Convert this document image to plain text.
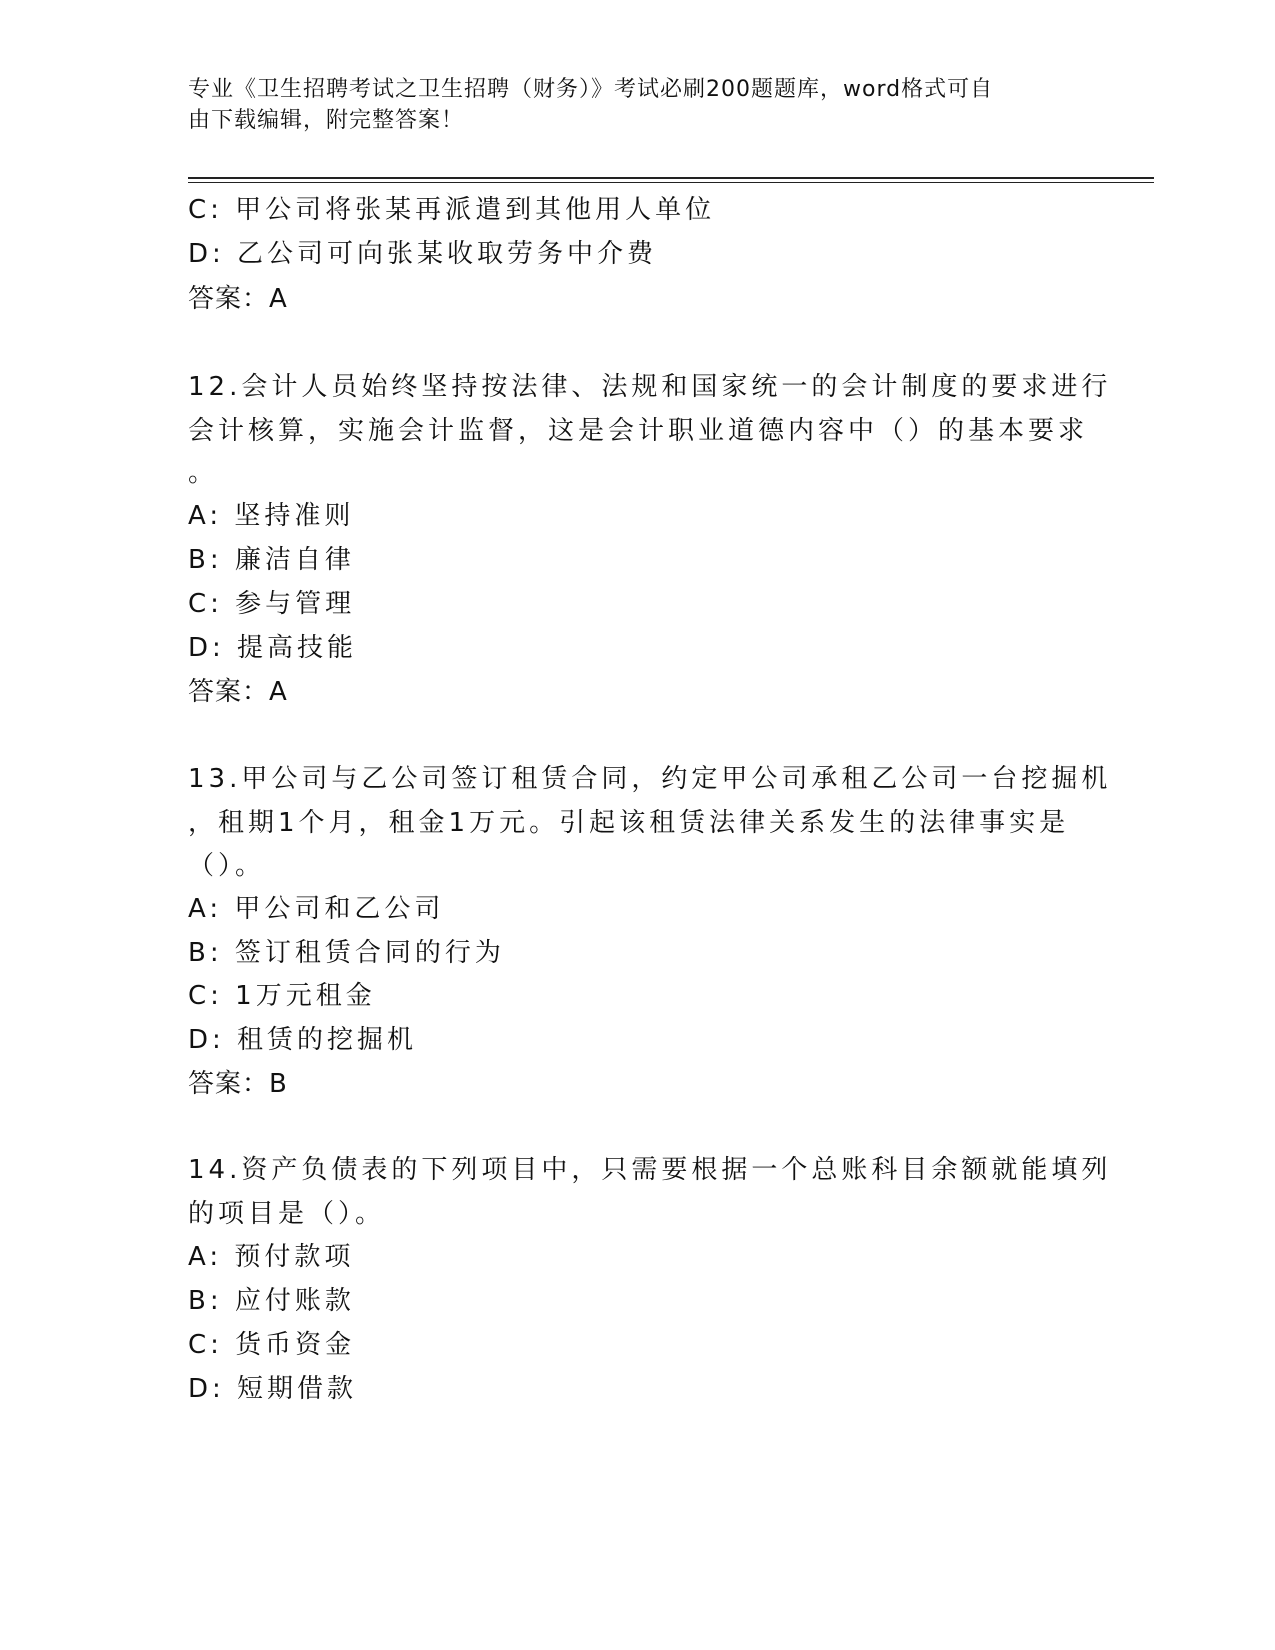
专业《卫生招聘考试之卫生招聘（财务）》考试必刷200题题库，word格式可自
由下载编辑，附完整答案！
C: 甲公司将张某再派遣到其他用人单位
D: 乙公司可向张某收取劳务中介费
答案：A
12.会计人员始终坚持按法律、法规和国家统一的会计制度的要求进行
会计核算，实施会计监督，这是会计职业道德内容中（）的基本要求
。
A: 坚持准则
B: 廉洁自律
C: 参与管理
D: 提高技能
答案：A
13.甲公司与乙公司签订租赁合同，约定甲公司承租乙公司一台挖掘机
，租期1个月，租金1万元。引起该租赁法律关系发生的法律事实是
（）。
A: 甲公司和乙公司
B: 签订租赁合同的行为
C: 1万元租金
D: 租赁的挖掘机
答案：B
14.资产负债表的下列项目中，只需要根据一个总账科目余额就能填列
的项目是（）。
A: 预付款项
B: 应付账款
C: 货币资金
D: 短期借款
